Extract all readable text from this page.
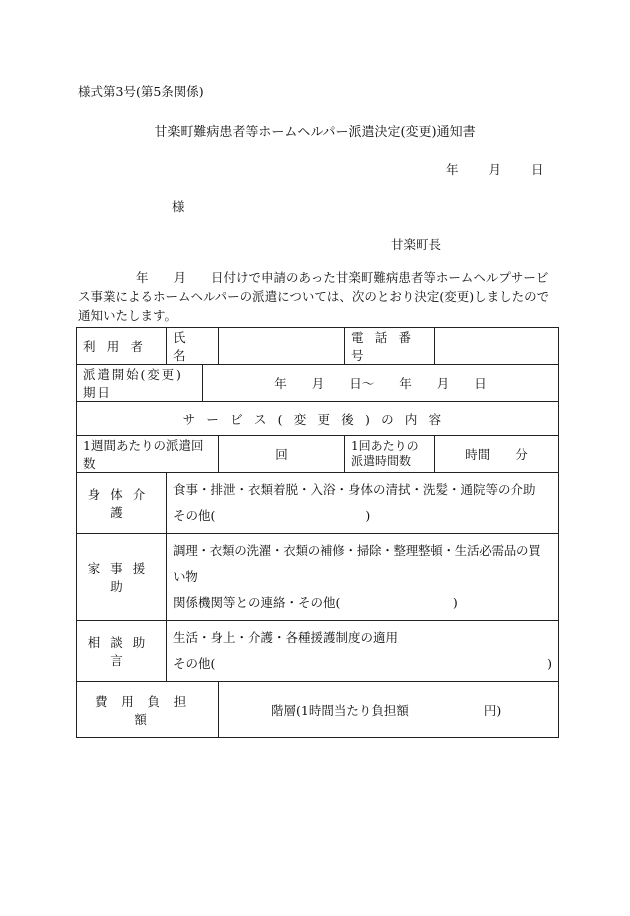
様式第3号(第5条関係)
甘楽町難病患者等ホームヘルパー派遣決定(変更)通知書
年 月 日
様
甘楽町長
年　　月　　日付けで申請のあった甘楽町難病患者等ホームヘルプサービス事業によるホームヘルパーの派遣については、次のとおり決定(変更)しましたので通知いたします。
利用者	氏名			電話番号	
派遣開始(変更)期日		年　　月　　日〜　　年　　月　　日			
サービス(変更後)の内容					
1週間あたりの派遣回数			回	1回あたりの派遣時間数	時間　　分
身体介護	食事・排泄・衣類着脱・入浴・身体の清拭・洗髪・通院等の介助
その他(　　　　　　　　　　　　)				

家事援助	調理・衣類の洗濯・衣類の補修・掃除・整理整頓・生活必需品の買い物
関係機関等との連絡・その他(　　　　　　　　　)				

相談助言	生活・身上・介護・各種援護制度の適用
その他( )				

費用負担額			階層(1時間当たり負担額　　　　　　円)		
